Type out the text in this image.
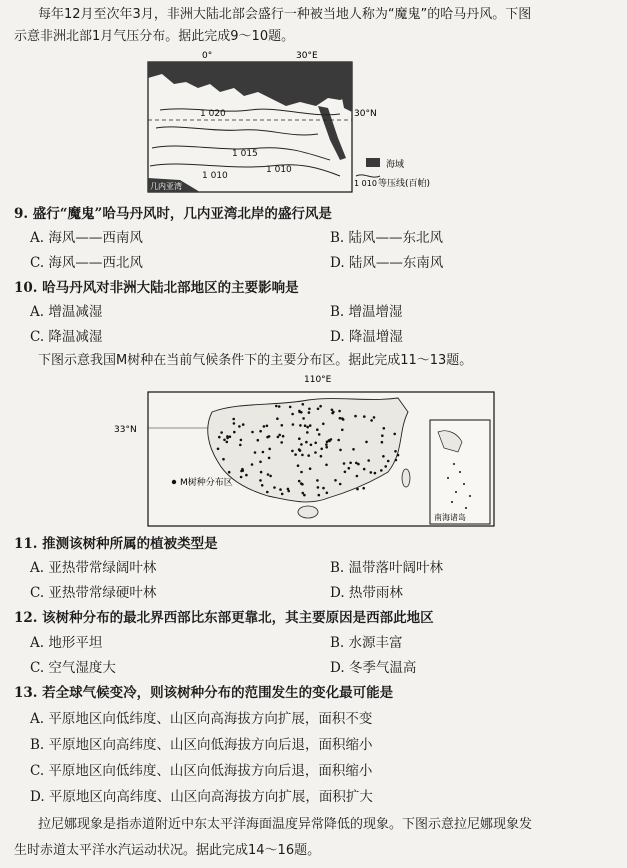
每年12月至次年3月，非洲大陆北部会盛行一种被当地人称为“魔鬼”的哈马丹风。下图
示意非洲北部1月气压分布。据此完成9～10题。
0°	30°E
30°N
1 020
1 015
1 010
1 010
几内亚湾
海域
1 010 等压线(百帕)
9. 盛行“魔鬼”哈马丹风时，几内亚湾北岸的盛行风是
A. 海风——西南风	B. 陆风——东北风
C. 海风——西北风	D. 陆风——东南风
10. 哈马丹风对非洲大陆北部地区的主要影响是
A. 增温减湿	B. 增温增湿
C. 降温减湿	D. 降温增湿
下图示意我国M树种在当前气候条件下的主要分布区。据此完成11～13题。
110°E
33°N
M树种分布区
南海诸岛
11. 推测该树种所属的植被类型是
A. 亚热带常绿阔叶林	B. 温带落叶阔叶林
C. 亚热带常绿硬叶林	D. 热带雨林
12. 该树种分布的最北界西部比东部更靠北，其主要原因是西部此地区
A. 地形平坦	B. 水源丰富
C. 空气湿度大	D. 冬季气温高
13. 若全球气候变冷，则该树种分布的范围发生的变化最可能是
A. 平原地区向低纬度、山区向高海拔方向扩展，面积不变
B. 平原地区向高纬度、山区向低海拔方向后退，面积缩小
C. 平原地区向低纬度、山区向低海拔方向后退，面积缩小
D. 平原地区向高纬度、山区向高海拔方向扩展，面积扩大
拉尼娜现象是指赤道附近中东太平洋海面温度异常降低的现象。下图示意拉尼娜现象发
生时赤道太平洋水汽运动状况。据此完成14～16题。
